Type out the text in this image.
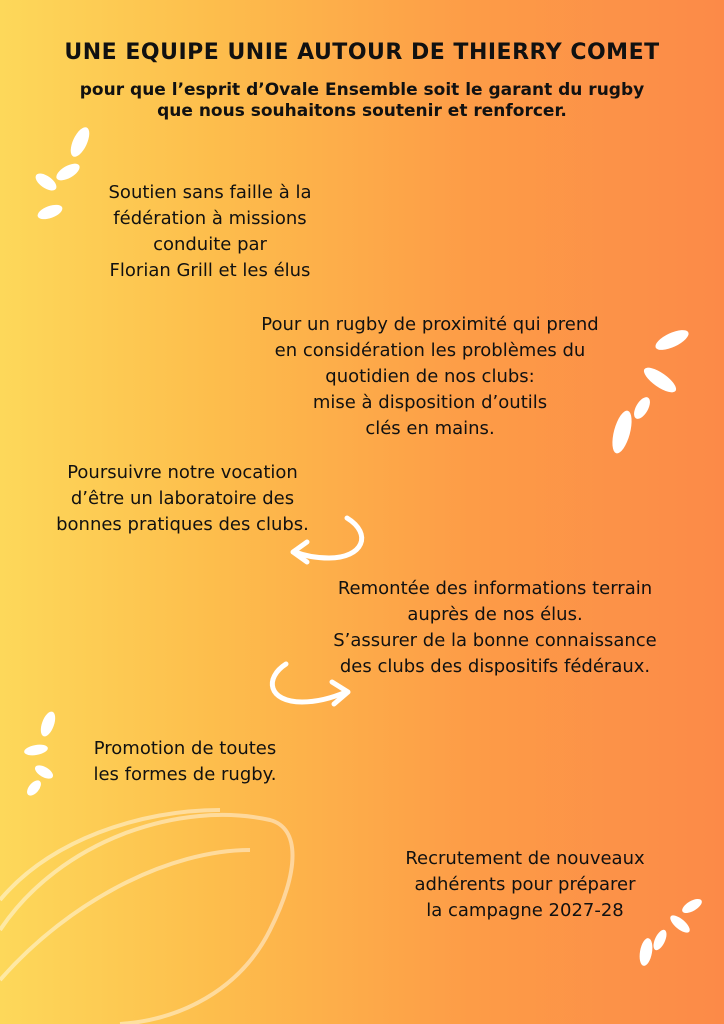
UNE EQUIPE UNIE AUTOUR DE THIERRY COMET
pour que l’esprit d’Ovale Ensemble soit le garant du rugby
que nous souhaitons soutenir et renforcer.
Soutien sans faille à la
fédération à missions
conduite par
Florian Grill et les élus
Pour un rugby de proximité qui prend
en considération les problèmes du
quotidien de nos clubs:
mise à disposition d’outils
clés en mains.
Poursuivre notre vocation
d’être un laboratoire des
bonnes pratiques des clubs.
Remontée des informations terrain
auprès de nos élus.
S’assurer de la bonne connaissance
des clubs des dispositifs fédéraux.
Promotion de toutes
les formes de rugby.
Recrutement de nouveaux
adhérents pour préparer
la campagne 2027-28
